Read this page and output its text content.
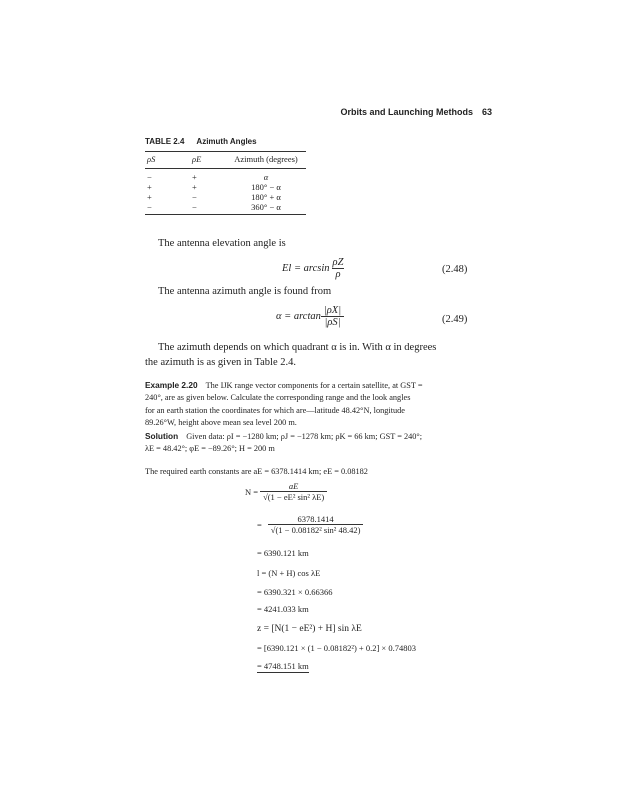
Orbits and Launching Methods 63
TABLE 2.4 Azimuth Angles
ρS	ρE	Azimuth (degrees)
−	+	α
+	+	180° − α
+	−	180° + α
−	−	360° − α
The antenna elevation angle is
$El = \arcsin \frac{\rho Z}{\rho}$	(2.48)
The antenna azimuth angle is found from
$\alpha = \arctan \frac{|\rho X|}{|\rho S|}$	(2.49)
The azimuth depends on which quadrant α is in. With α in degrees
the azimuth is as given in Table 2.4.
Example 2.20 The IJK range vector components for a certain satellite, at GST =
240°, are as given below. Calculate the corresponding range and the look angles
for an earth station the coordinates for which are—latitude 48.42°N, longitude
89.26°W, height above mean sea level 200 m.
Solution Given data: ρI = −1280 km; ρJ = −1278 km; ρK = 66 km; GST = 240°;
λE = 48.42°; φE = −89.26°; H = 200 m
The required earth constants are aE = 6378.1414 km; eE = 0.08182
$N = \frac{aE}{\text{√(1 − eE² sin² λE)}}$
= $\frac{6378.1414}{\text{√(1 − 0.08182² sin² 48.42)}}$
= 6390.121 km
l = (N + H) cos λE
= 6390.321 × 0.66366
= 4241.033 km
z = [N(1 − eE²) + H] sin λE
= [6390.121 × (1 − 0.08182²) + 0.2] × 0.74803
= 4748.151 km
